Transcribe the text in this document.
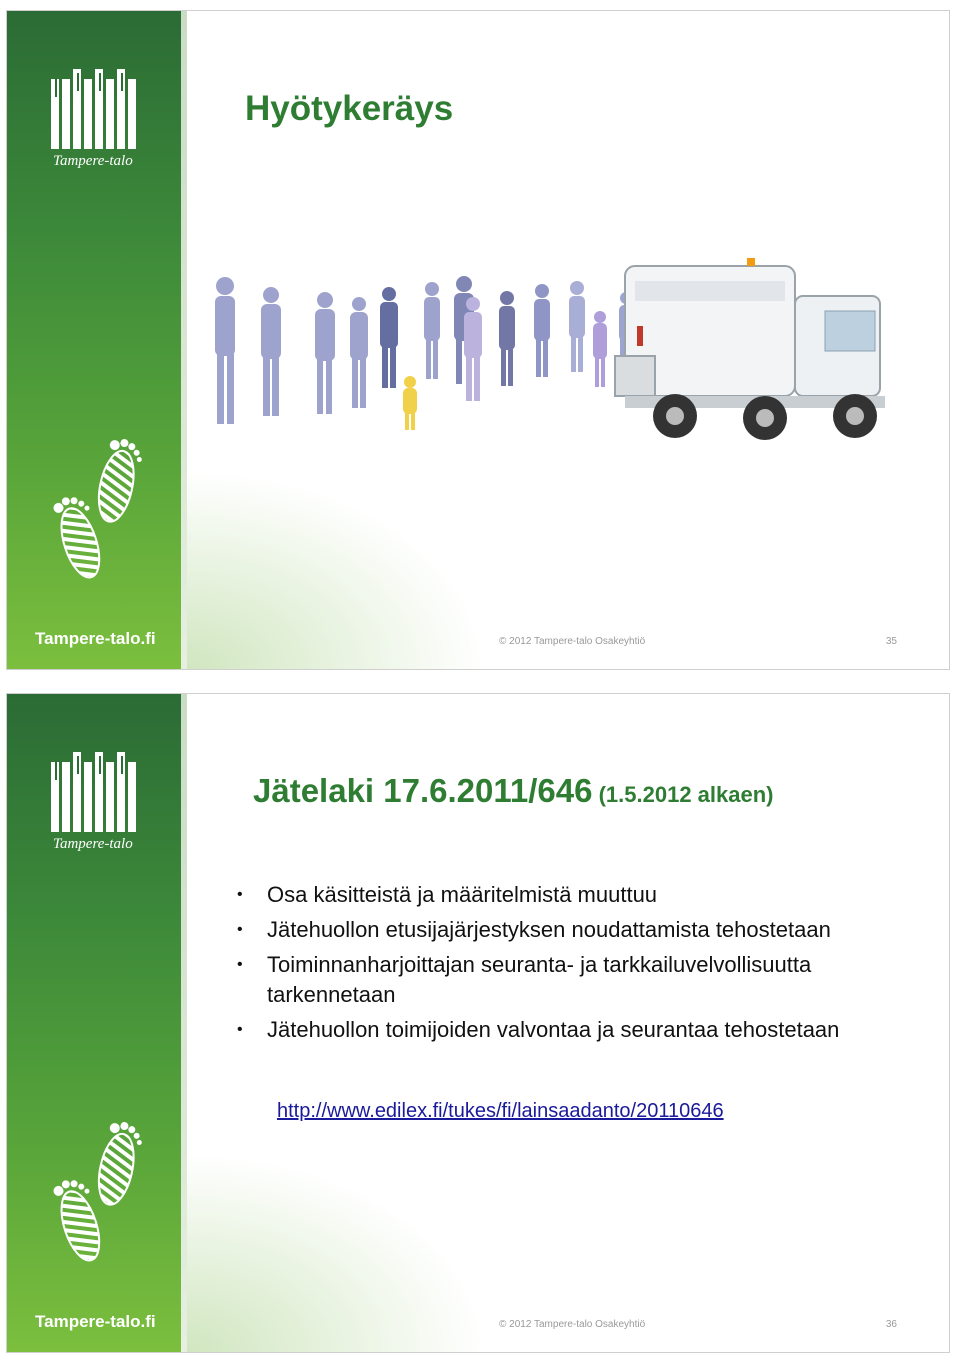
Tampere-talo
Tampere-talo.fi
Hyötykeräys
© 2012 Tampere-talo Osakeyhtiö	35
Tampere-talo
Tampere-talo.fi
Jätelaki 17.6.2011/646 (1.5.2012 alkaen)
• Osa käsitteistä ja määritelmistä muuttuu
• Jätehuollon etusijajärjestyksen noudattamista tehostetaan
• Toiminnanharjoittajan seuranta- ja tarkkailuvelvollisuutta tarkennetaan
• Jätehuollon toimijoiden valvontaa ja seurantaa tehostetaan
http://www.edilex.fi/tukes/fi/lainsaadanto/20110646
© 2012 Tampere-talo Osakeyhtiö	36
